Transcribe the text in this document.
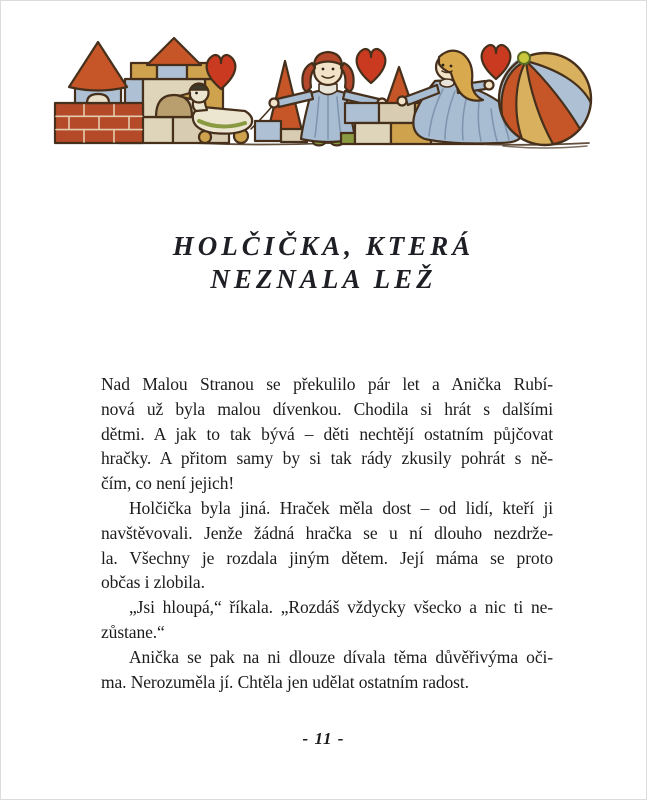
HOLČIČKA, KTERÁ
NEZNALA LEŽ

Nad Malou Stranou se překulilo pár let a Anička Rubí-
nová už byla malou dívenkou. Chodila si hrát s dalšími
dětmi. A jak to tak bývá – děti nechtějí ostatním půjčovat
hračky. A přitom samy by si tak rády zkusily pohrát s ně-
čím, co není jejich!

Holčička byla jiná. Hraček měla dost – od lidí, kteří ji
navštěvovali. Jenže žádná hračka se u ní dlouho nezdrže-
la. Všechny je rozdala jiným dětem. Její máma se proto
občas i zlobila.

„Jsi hloupá,“ říkala. „Rozdáš vždycky všecko a nic ti ne-
zůstane.“

Anička se pak na ni dlouze dívala těma důvěřivýma oči-
ma. Nerozuměla jí. Chtěla jen udělat ostatním radost.

- 11 -
